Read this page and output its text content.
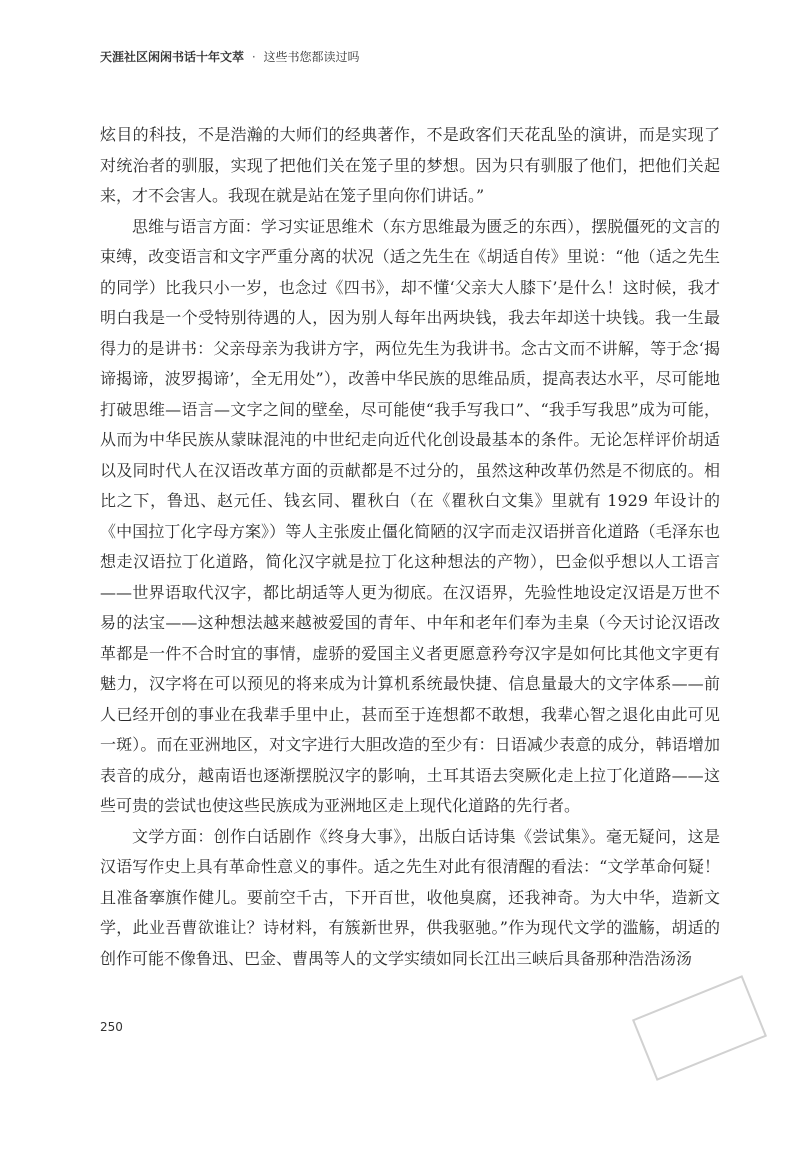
天涯社区闲闲书话十年文萃 · 这些书您都读过吗

炫目的科技，不是浩瀚的大师们的经典著作，不是政客们天花乱坠的演讲，而是实现了对统治者的驯服，实现了把他们关在笼子里的梦想。因为只有驯服了他们，把他们关起来，才不会害人。我现在就是站在笼子里向你们讲话。”

思维与语言方面：学习实证思维术（东方思维最为匮乏的东西），摆脱僵死的文言的束缚，改变语言和文字严重分离的状况（适之先生在《胡适自传》里说：“他（适之先生的同学）比我只小一岁，也念过《四书》，却不懂‘父亲大人膝下’是什么！这时候，我才明白我是一个受特别待遇的人，因为别人每年出两块钱，我去年却送十块钱。我一生最得力的是讲书：父亲母亲为我讲方字，两位先生为我讲书。念古文而不讲解，等于念‘揭谛揭谛，波罗揭谛’，全无用处”），改善中华民族的思维品质，提高表达水平，尽可能地打破思维—语言—文字之间的壁垒，尽可能使“我手写我口”、“我手写我思”成为可能，从而为中华民族从蒙昧混沌的中世纪走向近代化创设最基本的条件。无论怎样评价胡适以及同时代人在汉语改革方面的贡献都是不过分的，虽然这种改革仍然是不彻底的。相比之下，鲁迅、赵元任、钱玄同、瞿秋白（在《瞿秋白文集》里就有 1929 年设计的《中国拉丁化字母方案》）等人主张废止僵化简陋的汉字而走汉语拼音化道路（毛泽东也想走汉语拉丁化道路，简化汉字就是拉丁化这种想法的产物），巴金似乎想以人工语言——世界语取代汉字，都比胡适等人更为彻底。在汉语界，先验性地设定汉语是万世不易的法宝——这种想法越来越被爱国的青年、中年和老年们奉为圭臬（今天讨论汉语改革都是一件不合时宜的事情，虚骄的爱国主义者更愿意矜夸汉字是如何比其他文字更有魅力，汉字将在可以预见的将来成为计算机系统最快捷、信息量最大的文字体系——前人已经开创的事业在我辈手里中止，甚而至于连想都不敢想，我辈心智之退化由此可见一斑）。而在亚洲地区，对文字进行大胆改造的至少有：日语减少表意的成分，韩语增加表音的成分，越南语也逐渐摆脱汉字的影响，土耳其语去突厥化走上拉丁化道路——这些可贵的尝试也使这些民族成为亚洲地区走上现代化道路的先行者。

文学方面：创作白话剧作《终身大事》，出版白话诗集《尝试集》。毫无疑问，这是汉语写作史上具有革命性意义的事件。适之先生对此有很清醒的看法：“文学革命何疑！且准备搴旗作健儿。要前空千古，下开百世，收他臭腐，还我神奇。为大中华，造新文学，此业吾曹欲谁让？诗材料，有簇新世界，供我驱驰。”作为现代文学的滥觞，胡适的创作可能不像鲁迅、巴金、曹禺等人的文学实绩如同长江出三峡后具备那种浩浩汤汤

250
